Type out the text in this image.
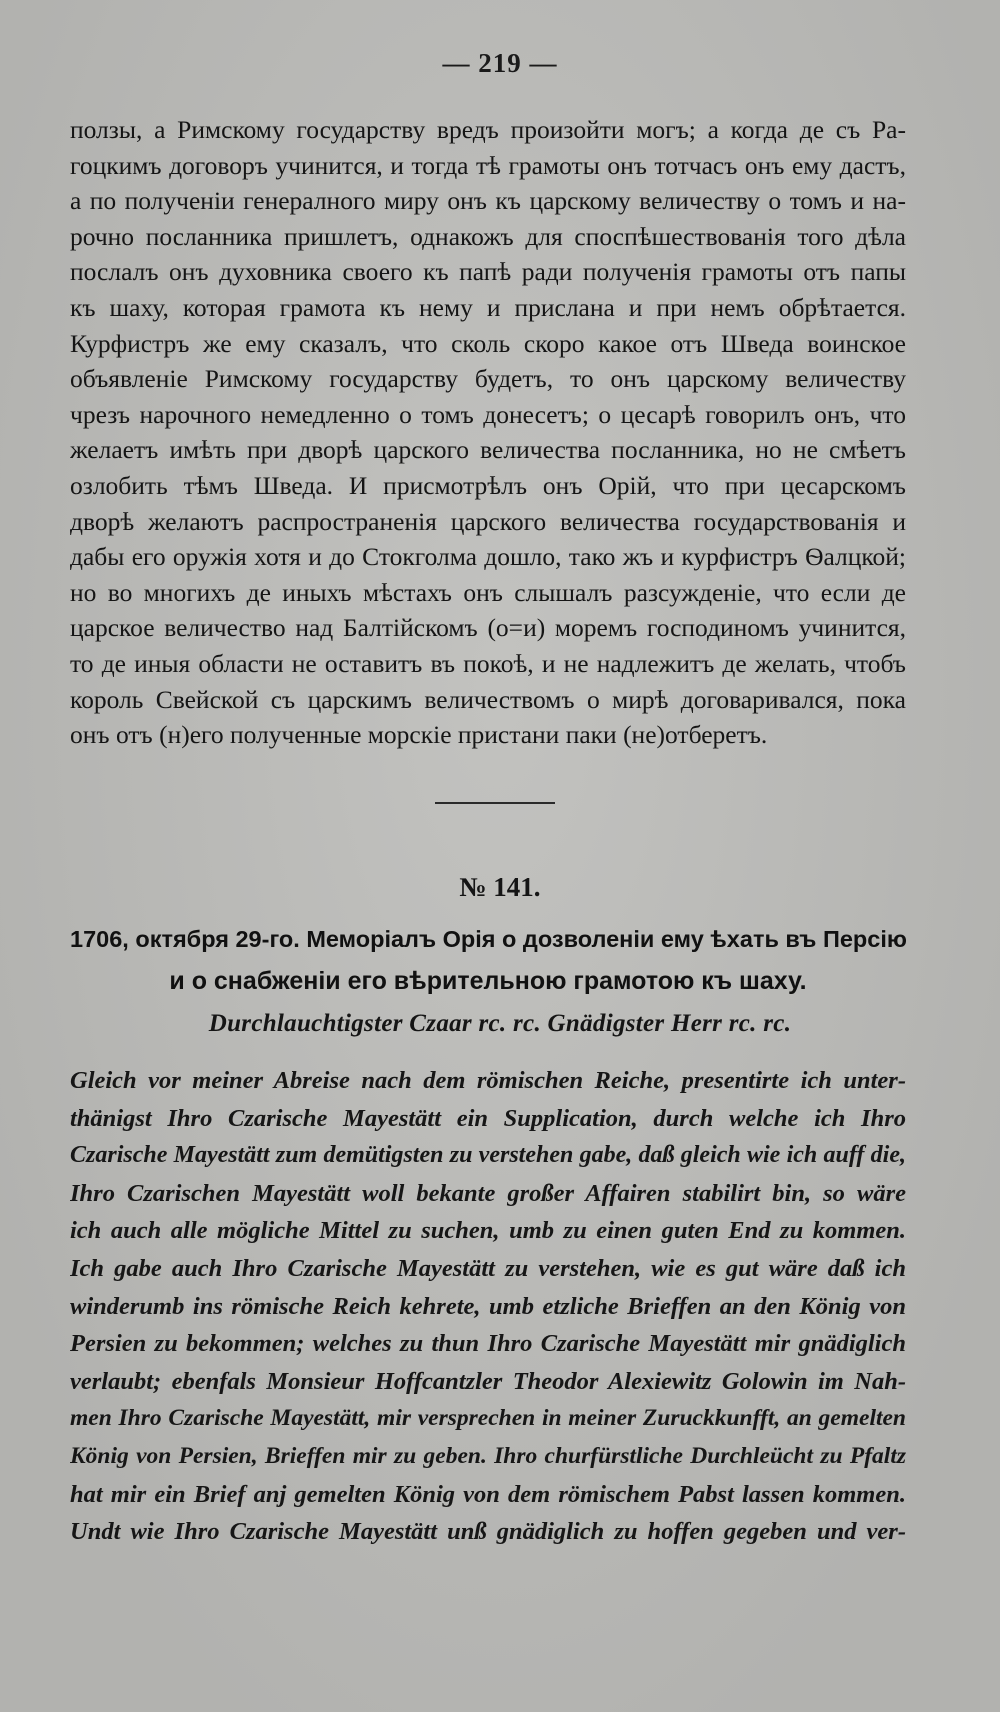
— 219 —
ползы, а Римскому государству вредъ произойти могъ; а когда де съ Ра-
гоцкимъ договоръ учинится, и тогда тѣ грамоты онъ тотчасъ онъ ему дастъ,
а по полученіи генералного миру онъ къ царскому величеству о томъ и на-
рочно посланника пришлетъ, однакожъ для споспѣшествованія того дѣла
послалъ онъ духовника своего къ папѣ ради полученія грамоты отъ папы
къ шаху, которая грамота къ нему и прислана и при немъ обрѣтается.
Курфистръ же ему сказалъ, что сколь скоро какое отъ Шведа воинское
объявленіе Римскому государству будетъ, то онъ царскому величеству
чрезъ нарочного немедленно о томъ донесетъ; о цесарѣ говорилъ онъ, что
желаетъ имѣть при дворѣ царского величества посланника, но не смѣетъ
озлобить тѣмъ Шведа. И присмотрѣлъ онъ Орій, что при цесарскомъ
дворѣ желаютъ распространенія царского величества государствованія и
дабы его оружія хотя и до Стокголма дошло, тако жъ и курфистръ Ѳалцкой;
но во многихъ де иныхъ мѣстахъ онъ слышалъ разсужденіе, что если де
царское величество над Балтійскомъ (о=и) моремъ господиномъ учинится,
то де иныя области не оставитъ въ покоѣ, и не надлежитъ де желать, чтобъ
король Свейской съ царскимъ величествомъ о мирѣ договаривался, пока
онъ отъ (н)его полученные морскіе пристани паки (не)отберетъ.
№ 141.
1706, октября 29-го. Меморіалъ Орія о дозволеніи ему ѣхать въ Персію
и о снабженіи его вѣрительною грамотою къ шаху.
Durchlauchtigster Czaar rc. rc. Gnädigster Herr rc. rc.
Gleich vor meiner Abreise nach dem römischen Reiche, presentirte ich unter-
thänigst Ihro Czarische Mayestätt ein Supplication, durch welche ich Ihro
Czarische Mayestätt zum demütigsten zu verstehen gabe, daß gleich wie ich auff die,
Ihro Czarischen Mayestätt woll bekante großer Affairen stabilirt bin, so wäre
ich auch alle mögliche Mittel zu suchen, umb zu einen guten End zu kommen.
Ich gabe auch Ihro Czarische Mayestätt zu verstehen, wie es gut wäre daß ich
winderumb ins römische Reich kehrete, umb etzliche Brieffen an den König von
Persien zu bekommen; welches zu thun Ihro Czarische Mayestätt mir gnädiglich
verlaubt; ebenfals Monsieur Hoffcantzler Theodor Alexiewitz Golowin im Nah-
men Ihro Czarische Mayestätt, mir versprechen in meiner Zuruckkunfft, an gemelten
König von Persien, Brieffen mir zu geben. Ihro churfürstliche Durchleücht zu Pfaltz
hat mir ein Brief anj gemelten König von dem römischem Pabst lassen kommen.
Undt wie Ihro Czarische Mayestätt unß gnädiglich zu hoffen gegeben und ver-
